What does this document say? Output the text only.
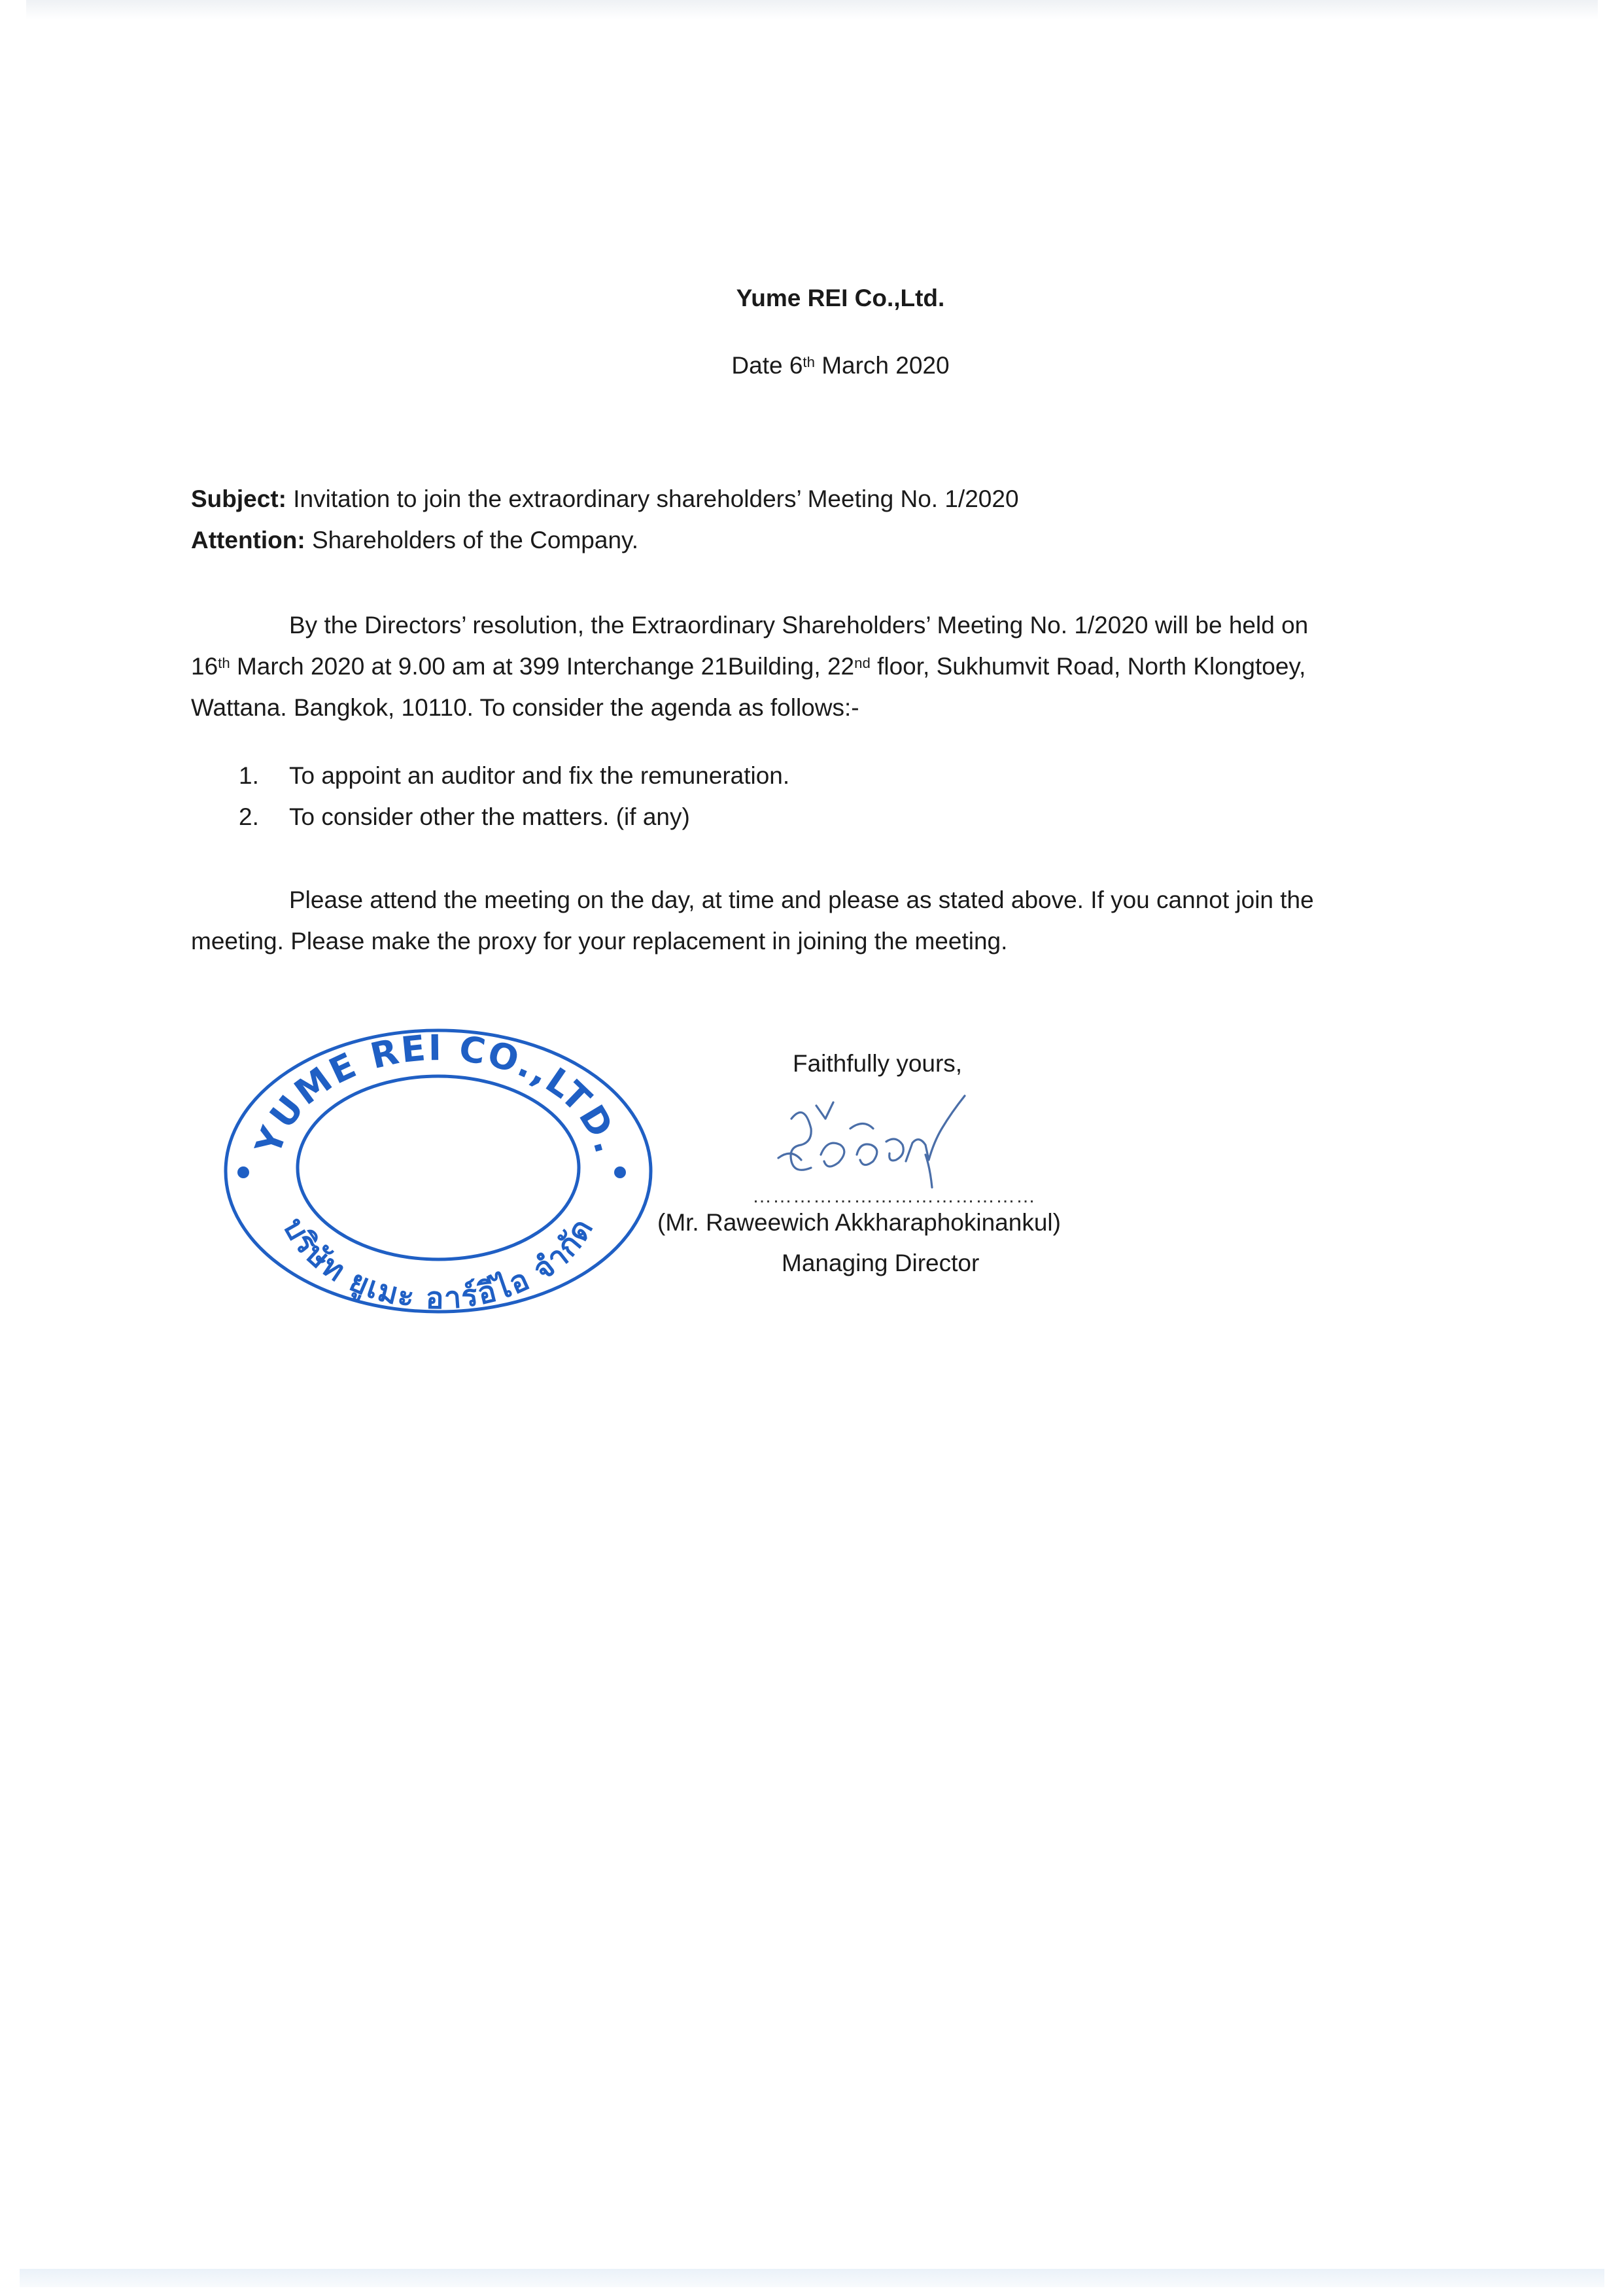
Yume REI Co.,Ltd.
Date 6th March 2020
Subject: Invitation to join the extraordinary shareholders’ Meeting No. 1/2020
Attention: Shareholders of the Company.
By the Directors’ resolution, the Extraordinary Shareholders’ Meeting No. 1/2020 will be held on
16th March 2020 at 9.00 am at 399 Interchange 21Building, 22nd floor, Sukhumvit Road, North Klongtoey,
Wattana. Bangkok, 10110. To consider the agenda as follows:-
1. To appoint an auditor and fix the remuneration.
2. To consider other the matters. (if any)
Please attend the meeting on the day, at time and please as stated above. If you cannot join the
meeting. Please make the proxy for your replacement in joining the meeting.
Faithfully yours,
……………………………………
(Mr. Raweewich Akkharaphokinankul)
Managing Director
YUME REI CO.,LTD.
บริษัท ยูเมะ อาร์อีไอ จำกัด
